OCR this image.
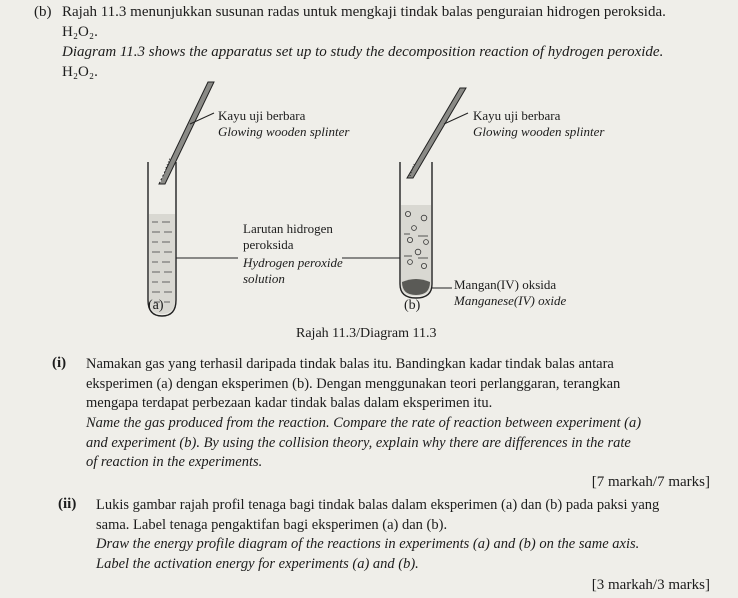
(b) Rajah 11.3 menunjukkan susunan radas untuk mengkaji tindak balas penguraian hidrogen peroksida.
H₂O₂.
Diagram 11.3 shows the apparatus set up to study the decomposition reaction of hydrogen peroxide.
H₂O₂.
Kayu uji berbara
Glowing wooden splinter
Larutan hidrogen
peroksida
Hydrogen peroxide
solution
(a)
Kayu uji berbara
Glowing wooden splinter
Mangan(IV) oksida
Manganese(IV) oxide
(b)
Rajah 11.3/Diagram 11.3
(i) Namakan gas yang terhasil daripada tindak balas itu. Bandingkan kadar tindak balas antara
eksperimen (a) dengan eksperimen (b). Dengan menggunakan teori perlanggaran, terangkan
mengapa terdapat perbezaan kadar tindak balas dalam eksperimen itu.
Name the gas produced from the reaction. Compare the rate of reaction between experiment (a)
and experiment (b). By using the collision theory, explain why there are differences in the rate
of reaction in the experiments.
[7 markah/7 marks]
(ii) Lukis gambar rajah profil tenaga bagi tindak balas dalam eksperimen (a) dan (b) pada paksi yang
sama. Label tenaga pengaktifan bagi eksperimen (a) dan (b).
Draw the energy profile diagram of the reactions in experiments (a) and (b) on the same axis.
Label the activation energy for experiments (a) and (b).
[3 markah/3 marks]
